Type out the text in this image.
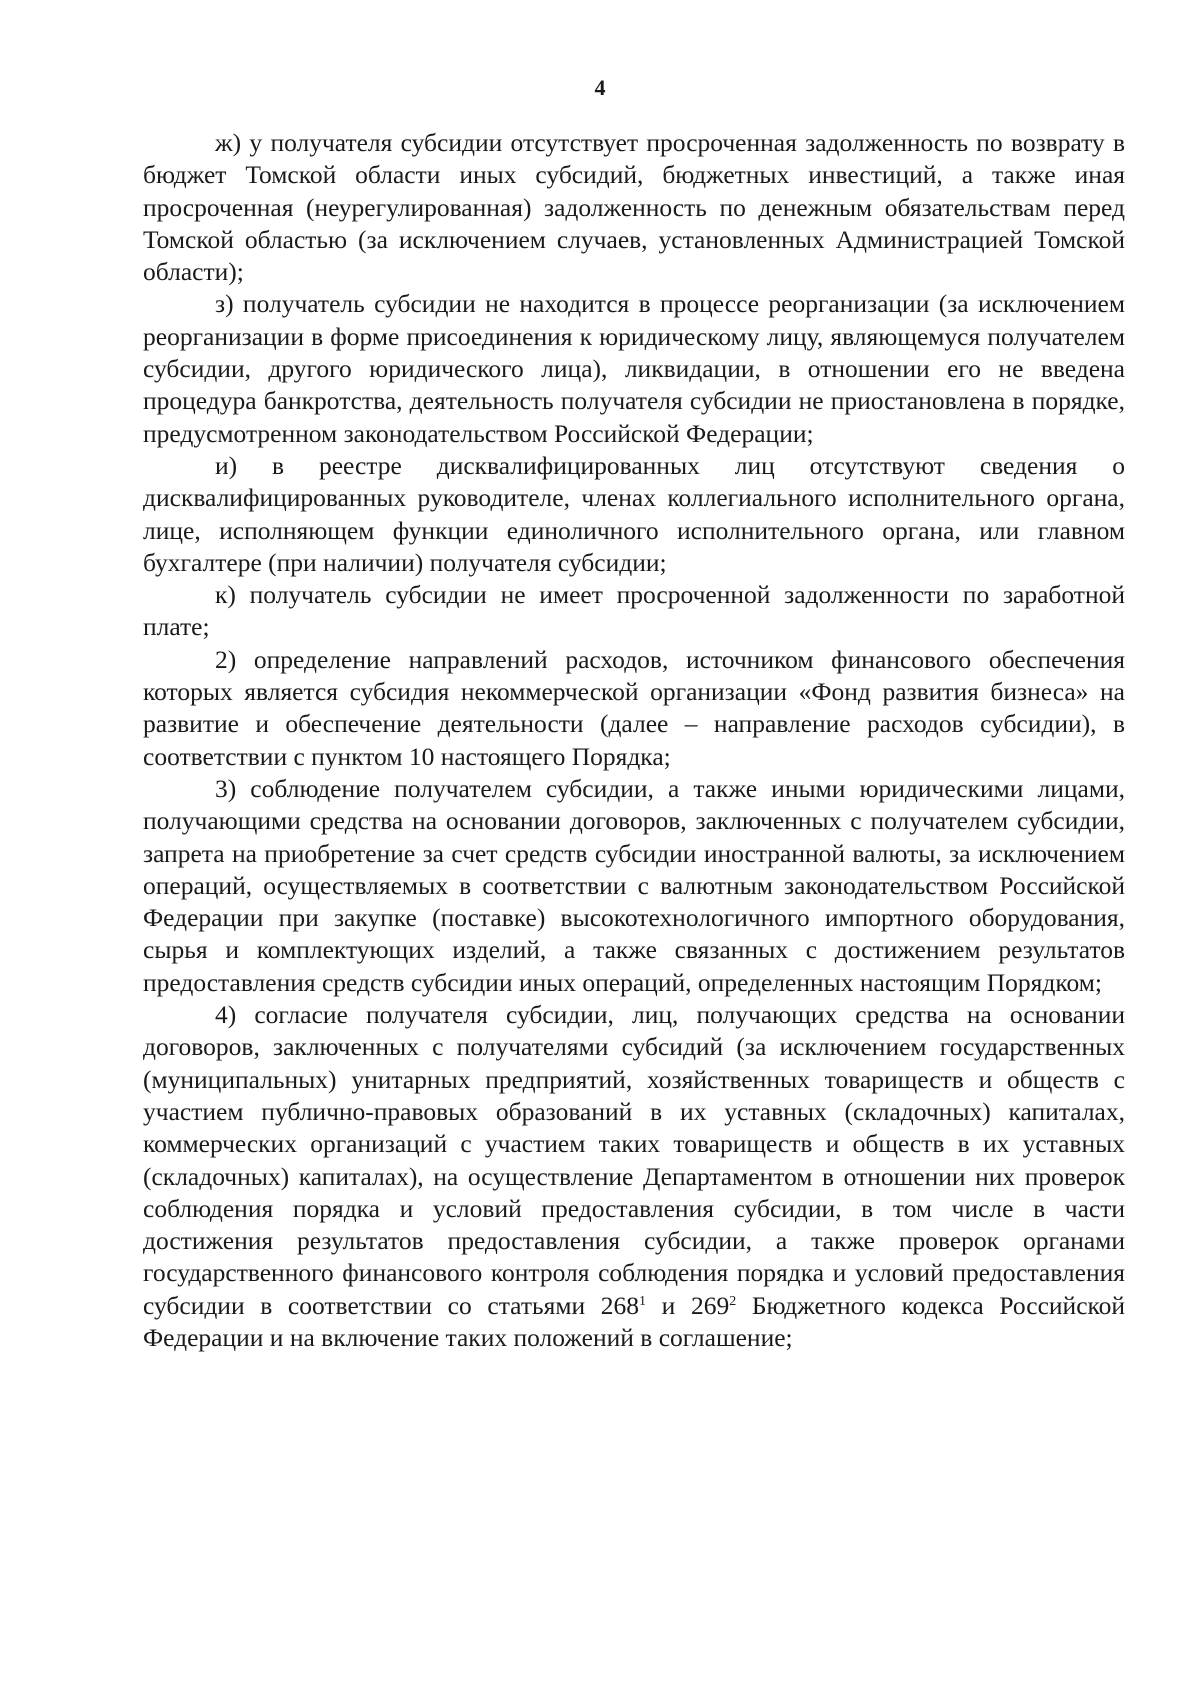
4

ж) у получателя субсидии отсутствует просроченная задолженность по возврату в бюджет Томской области иных субсидий, бюджетных инвестиций, а также иная просроченная (неурегулированная) задолженность по денежным обязательствам перед Томской областью (за исключением случаев, установленных Администрацией Томской области);

з) получатель субсидии не находится в процессе реорганизации (за исключением реорганизации в форме присоединения к юридическому лицу, являющемуся получателем субсидии, другого юридического лица), ликвидации, в отношении его не введена процедура банкротства, деятельность получателя субсидии не приостановлена в порядке, предусмотренном законодательством Российской Федерации;

и) в реестре дисквалифицированных лиц отсутствуют сведения о дисквалифицированных руководителе, членах коллегиального исполнительного органа, лице, исполняющем функции единоличного исполнительного органа, или главном бухгалтере (при наличии) получателя субсидии;

к) получатель субсидии не имеет просроченной задолженности по заработной плате;

2) определение направлений расходов, источником финансового обеспечения которых является субсидия некоммерческой организации «Фонд развития бизнеса» на развитие и обеспечение деятельности (далее – направление расходов субсидии), в соответствии с пунктом 10 настоящего Порядка;

3) соблюдение получателем субсидии, а также иными юридическими лицами, получающими средства на основании договоров, заключенных с получателем субсидии, запрета на приобретение за счет средств субсидии иностранной валюты, за исключением операций, осуществляемых в соответствии с валютным законодательством Российской Федерации при закупке (поставке) высокотехнологичного импортного оборудования, сырья и комплектующих изделий, а также связанных с достижением результатов предоставления средств субсидии иных операций, определенных настоящим Порядком;

4) согласие получателя субсидии, лиц, получающих средства на основании договоров, заключенных с получателями субсидий (за исключением государственных (муниципальных) унитарных предприятий, хозяйственных товариществ и обществ с участием публично-правовых образований в их уставных (складочных) капиталах, коммерческих организаций с участием таких товариществ и обществ в их уставных (складочных) капиталах), на осуществление Департаментом в отношении них проверок соблюдения порядка и условий предоставления субсидии, в том числе в части достижения результатов предоставления субсидии, а также проверок органами государственного финансового контроля соблюдения порядка и условий предоставления субсидии в соответствии со статьями $268^1$ и $269^2$ Бюджетного кодекса Российской Федерации и на включение таких положений в соглашение;
